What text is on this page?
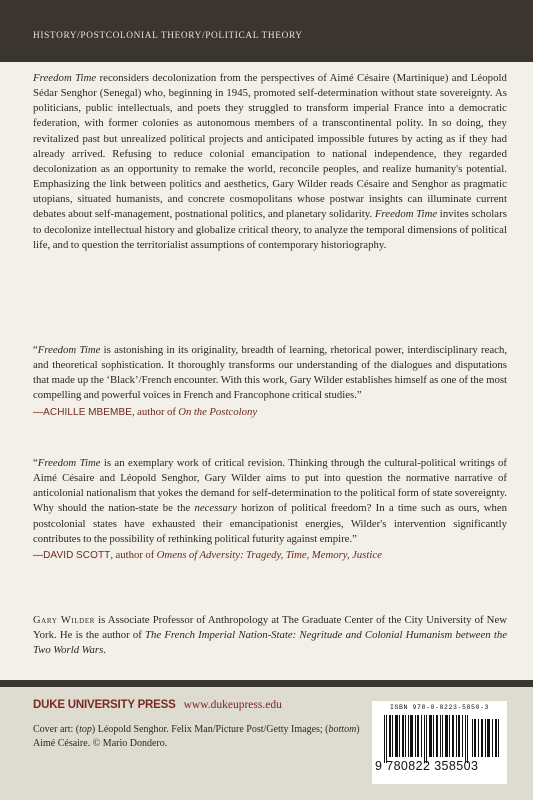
HISTORY/POSTCOLONIAL THEORY/POLITICAL THEORY

Freedom Time reconsiders decolonization from the perspectives of Aimé Césaire (Martinique) and Léopold Sédar Senghor (Senegal) who, beginning in 1945, promoted self-determination without state sovereignty. As politicians, public intellectuals, and poets they struggled to transform imperial France into a democratic federation, with former colonies as autonomous members of a transcontinental polity. In so doing, they revitalized past but unrealized political projects and anticipated impossible futures by acting as if they had already arrived. Refusing to reduce colonial emancipation to national independence, they regarded decolonization as an opportunity to remake the world, reconcile peoples, and realize humanity's potential. Emphasizing the link between politics and aesthetics, Gary Wilder reads Césaire and Senghor as pragmatic utopians, situated humanists, and concrete cosmopolitans whose postwar insights can illuminate current debates about self-management, postnational politics, and planetary solidarity. Freedom Time invites scholars to decolonize intellectual history and globalize critical theory, to analyze the temporal dimensions of political life, and to question the territorialist assumptions of contemporary historiography.

“Freedom Time is astonishing in its originality, breadth of learning, rhetorical power, interdisciplinary reach, and theoretical sophistication. It thoroughly transforms our understanding of the dialogues and disputations that made up the ‘Black’/French encounter. With this work, Gary Wilder establishes himself as one of the most compelling and powerful voices in French and Francophone critical studies.”

—ACHILLE MBEMBE, author of On the Postcolony

“Freedom Time is an exemplary work of critical revision. Thinking through the cultural-political writings of Aimé Césaire and Léopold Senghor, Gary Wilder aims to put into question the normative narrative of anticolonial nationalism that yokes the demand for self-determination to the political form of state sovereignty. Why should the nation-state be the necessary horizon of political freedom? In a time such as ours, when postcolonial states have exhausted their emancipationist energies, Wilder's intervention significantly contributes to the possibility of rethinking political futurity against empire.”

—DAVID SCOTT, author of Omens of Adversity: Tragedy, Time, Memory, Justice

Gary Wilder is Associate Professor of Anthropology at The Graduate Center of the City University of New York. He is the author of The French Imperial Nation-State: Negritude and Colonial Humanism between the Two World Wars.

DUKE UNIVERSITY PRESS www.dukeupress.edu
Cover art: (top) Léopold Senghor. Felix Man/Picture Post/Getty Images; (bottom) Aimé Césaire. © Mario Dondero.
ISBN 978-0-8223-5850-3
9 780822 358503
